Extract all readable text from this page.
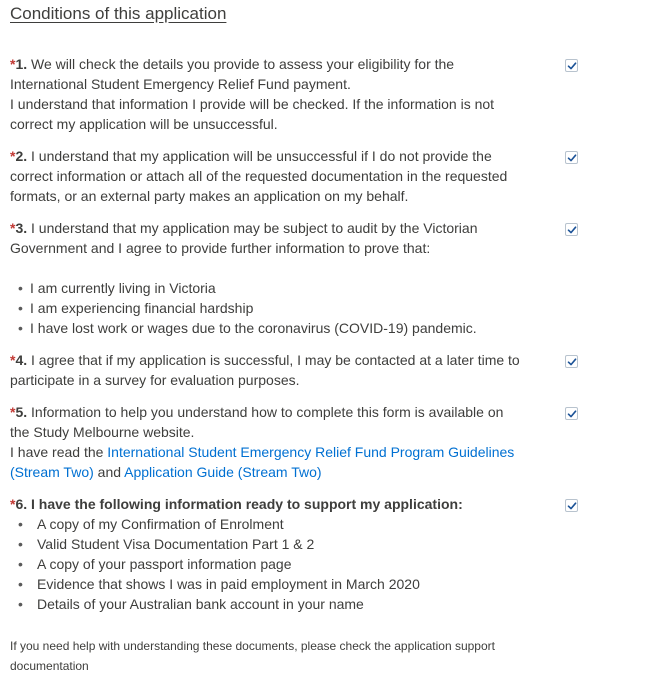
Conditions of this application
*1. We will check the details you provide to assess your eligibility for the
International Student Emergency Relief Fund payment.
I understand that information I provide will be checked. If the information is not
correct my application will be unsuccessful.
*2. I understand that my application will be unsuccessful if I do not provide the
correct information or attach all of the requested documentation in the requested
formats, or an external party makes an application on my behalf.
*3. I understand that my application may be subject to audit by the Victorian
Government and I agree to provide further information to prove that:

• I am currently living in Victoria
• I am experiencing financial hardship
• I have lost work or wages due to the coronavirus (COVID-19) pandemic.
*4. I agree that if my application is successful, I may be contacted at a later time to
participate in a survey for evaluation purposes.
*5. Information to help you understand how to complete this form is available on
the Study Melbourne website.
I have read the International Student Emergency Relief Fund Program Guidelines (Stream Two) and Application Guide (Stream Two)
*6. I have the following information ready to support my application:
• A copy of my Confirmation of Enrolment
• Valid Student Visa Documentation Part 1 & 2
• A copy of your passport information page
• Evidence that shows I was in paid employment in March 2020
• Details of your Australian bank account in your name
If you need help with understanding these documents, please check the application support documentation
